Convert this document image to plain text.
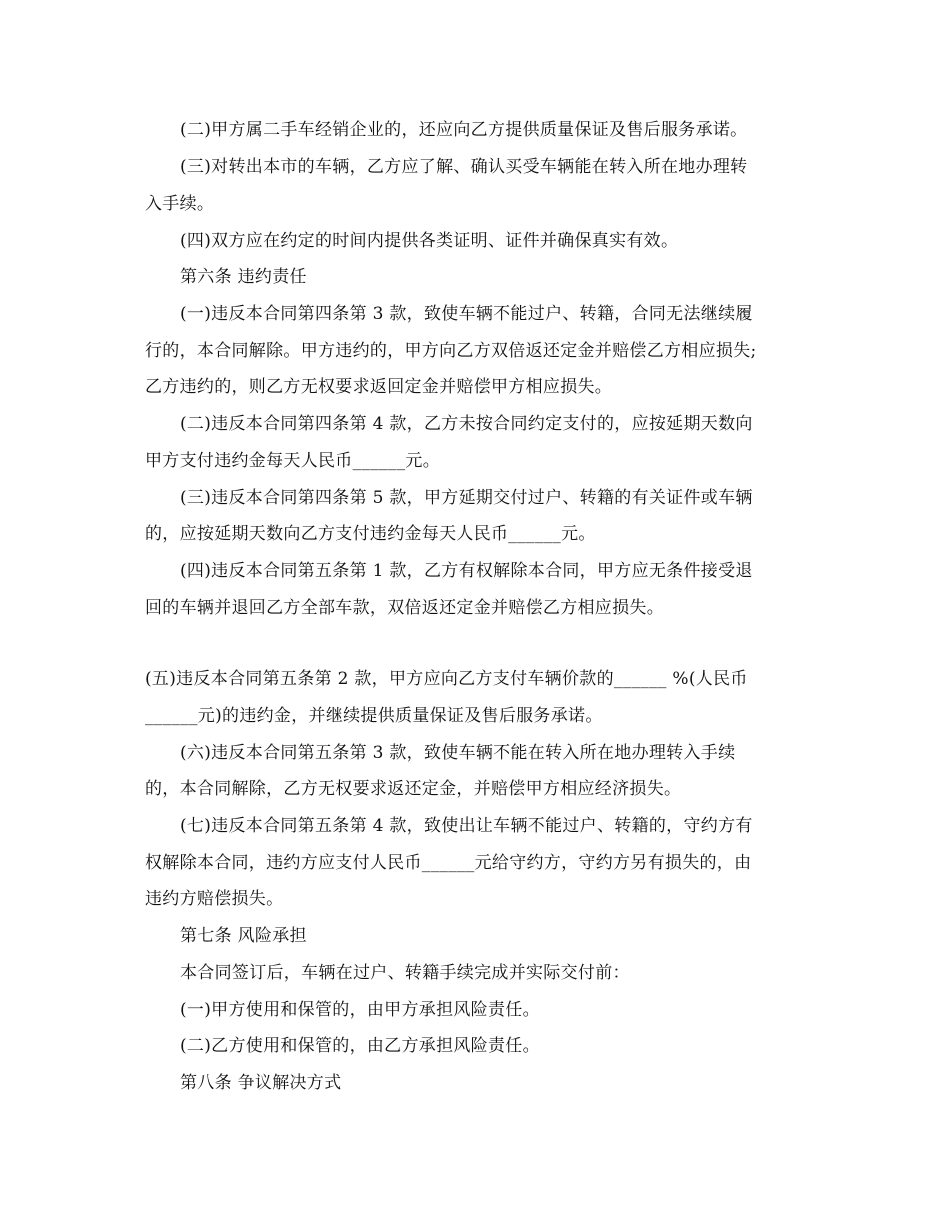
(二)甲方属二手车经销企业的，还应向乙方提供质量保证及售后服务承诺。
(三)对转出本市的车辆，乙方应了解、确认买受车辆能在转入所在地办理转
入手续。
(四)双方应在约定的时间内提供各类证明、证件并确保真实有效。
第六条 违约责任
(一)违反本合同第四条第 3 款，致使车辆不能过户、转籍，合同无法继续履
行的，本合同解除。甲方违约的，甲方向乙方双倍返还定金并赔偿乙方相应损失;
乙方违约的，则乙方无权要求返回定金并赔偿甲方相应损失。
(二)违反本合同第四条第 4 款，乙方未按合同约定支付的，应按延期天数向
甲方支付违约金每天人民币______元。
(三)违反本合同第四条第 5 款，甲方延期交付过户、转籍的有关证件或车辆
的，应按延期天数向乙方支付违约金每天人民币______元。
(四)违反本合同第五条第 1 款，乙方有权解除本合同，甲方应无条件接受退
回的车辆并退回乙方全部车款，双倍返还定金并赔偿乙方相应损失。
(五)违反本合同第五条第 2 款，甲方应向乙方支付车辆价款的______ %(人民币
______元)的违约金，并继续提供质量保证及售后服务承诺。
(六)违反本合同第五条第 3 款，致使车辆不能在转入所在地办理转入手续
的，本合同解除，乙方无权要求返还定金，并赔偿甲方相应经济损失。
(七)违反本合同第五条第 4 款，致使出让车辆不能过户、转籍的，守约方有
权解除本合同，违约方应支付人民币______元给守约方，守约方另有损失的，由
违约方赔偿损失。
第七条 风险承担
本合同签订后，车辆在过户、转籍手续完成并实际交付前：
(一)甲方使用和保管的，由甲方承担风险责任。
(二)乙方使用和保管的，由乙方承担风险责任。
第八条 争议解决方式
